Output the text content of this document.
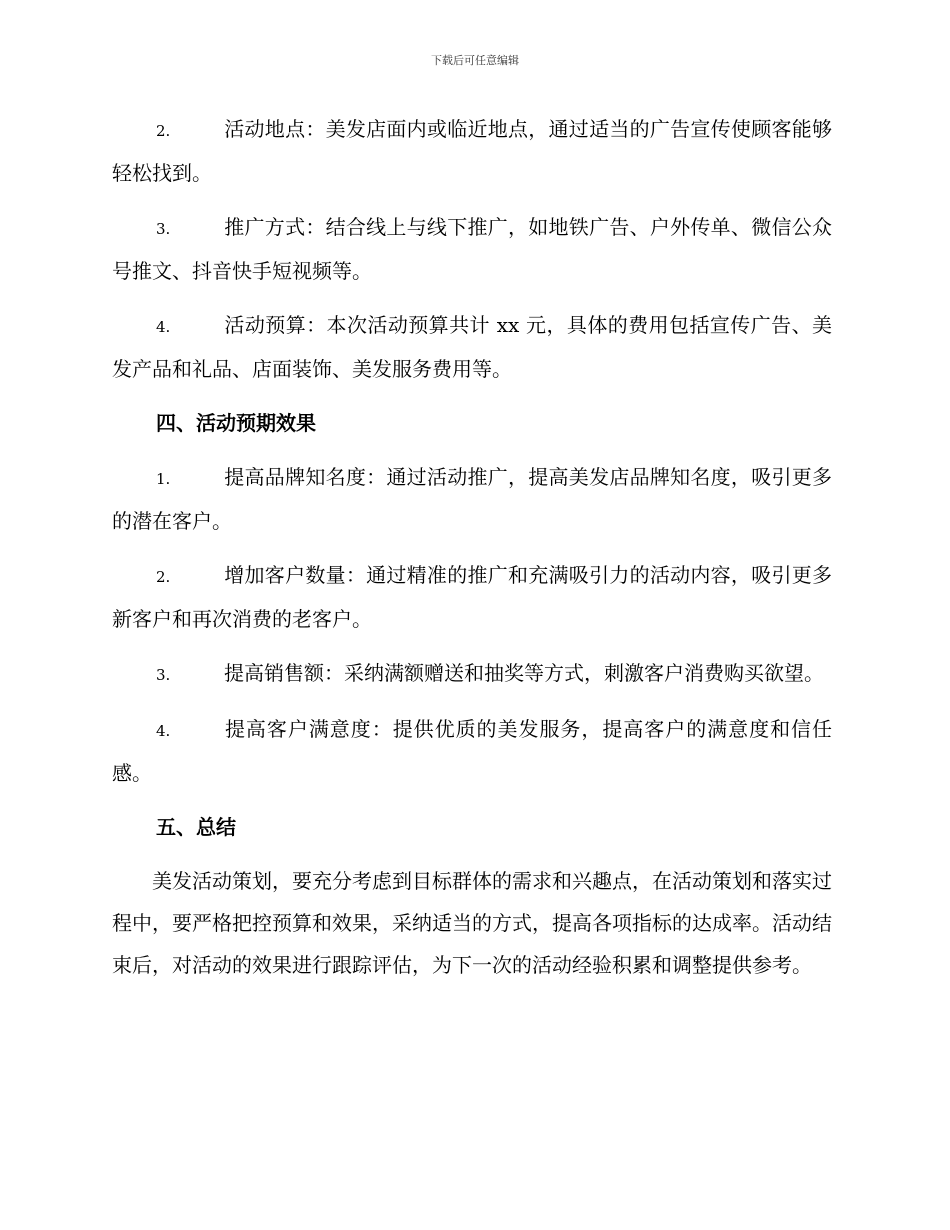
下载后可任意编辑

2.	活动地点：美发店面内或临近地点，通过适当的广告宣传使顾客能够轻松找到。

3.	推广方式：结合线上与线下推广，如地铁广告、户外传单、微信公众号推文、抖音快手短视频等。

4.	活动预算：本次活动预算共计 xx 元，具体的费用包括宣传广告、美发产品和礼品、店面装饰、美发服务费用等。

四、活动预期效果

1.	提高品牌知名度：通过活动推广，提高美发店品牌知名度，吸引更多的潜在客户。

2.	增加客户数量：通过精准的推广和充满吸引力的活动内容，吸引更多新客户和再次消费的老客户。

3.	提高销售额：采纳满额赠送和抽奖等方式，刺激客户消费购买欲望。

4.	提高客户满意度：提供优质的美发服务，提高客户的满意度和信任感。

五、总结

美发活动策划，要充分考虑到目标群体的需求和兴趣点，在活动策划和落实过程中，要严格把控预算和效果，采纳适当的方式，提高各项指标的达成率。活动结束后，对活动的效果进行跟踪评估，为下一次的活动经验积累和调整提供参考。
